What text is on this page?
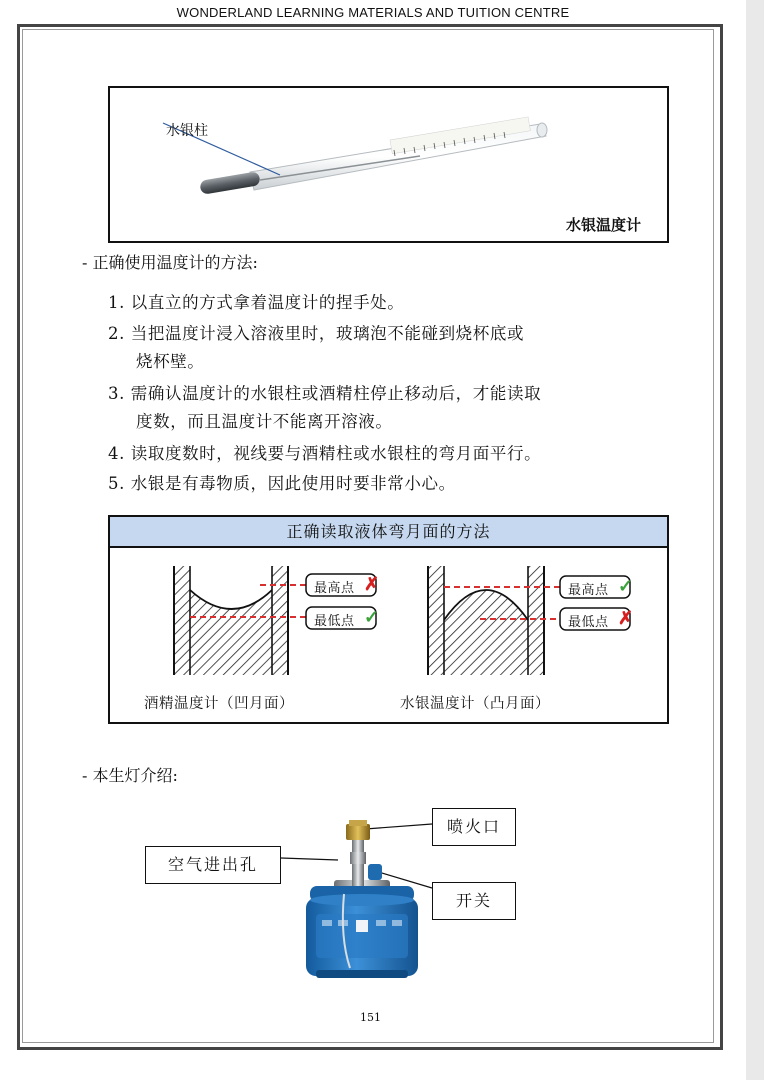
WONDERLAND LEARNING MATERIALS AND TUITION CENTRE
水银柱
水银温度计
- 正确使用温度计的方法:
1. 以直立的方式拿着温度计的捏手处。
2. 当把温度计浸入溶液里时，玻璃泡不能碰到烧杯底或
烧杯壁。
3. 需确认温度计的水银柱或酒精柱停止移动后，才能读取
度数，而且温度计不能离开溶液。
4. 读取度数时，视线要与酒精柱或水银柱的弯月面平行。
5. 水银是有毒物质，因此使用时要非常小心。
正确读取液体弯月面的方法
最高点 ✗
最低点 ✓
最高点 ✓
最低点 ✗
酒精温度计（凹月面）	水银温度计（凸月面）
- 本生灯介绍:
喷火口
空气进出孔
开关
151
